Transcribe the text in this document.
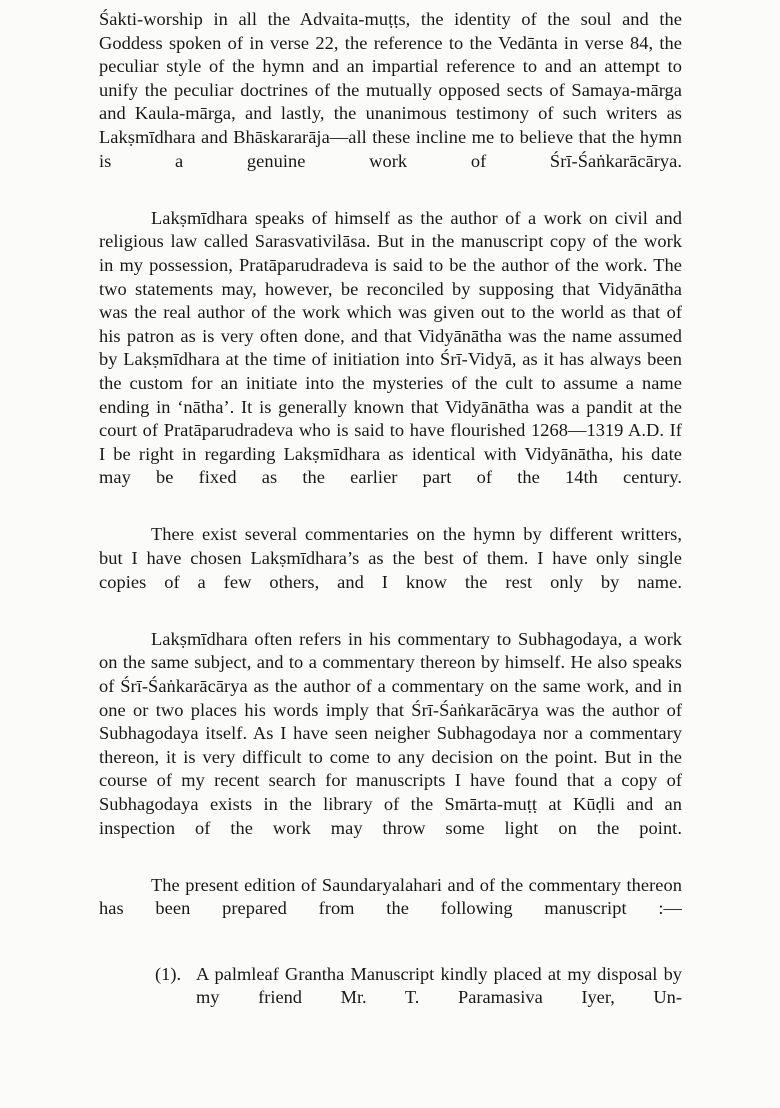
Śakti-worship in all the Advaita-muṭṭs, the identity of the soul and the Goddess spoken of in verse 22, the reference to the Vedānta in verse 84, the peculiar style of the hymn and an impartial reference to and an attempt to unify the peculiar doctrines of the mutually opposed sects of Samaya-mārga and Kaula-mārga, and lastly, the unanimous testimony of such writers as Lakṣmīdhara and Bhāskararāja—all these incline me to believe that the hymn is a genuine work of Śrī-Śaṅkarācārya.

Lakṣmīdhara speaks of himself as the author of a work on civil and religious law called Sarasvativilāsa. But in the manuscript copy of the work in my possession, Pratāparudradeva is said to be the author of the work. The two statements may, however, be reconciled by supposing that Vidyānātha was the real author of the work which was given out to the world as that of his patron as is very often done, and that Vidyānātha was the name assumed by Lakṣmīdhara at the time of initiation into Śrī-Vidyā, as it has always been the custom for an initiate into the mysteries of the cult to assume a name ending in ‘nātha’. It is generally known that Vidyānātha was a pandit at the court of Pratāparudradeva who is said to have flourished 1268—1319 A.D. If I be right in regarding Lakṣmīdhara as identical with Vidyānātha, his date may be fixed as the earlier part of the 14th century.

There exist several commentaries on the hymn by different writters, but I have chosen Lakṣmīdhara’s as the best of them. I have only single copies of a few others, and I know the rest only by name.

Lakṣmīdhara often refers in his commentary to Subhagodaya, a work on the same subject, and to a commentary thereon by himself. He also speaks of Śrī-Śaṅkarācārya as the author of a commentary on the same work, and in one or two places his words imply that Śrī-Śaṅkarācārya was the author of Subhagodaya itself. As I have seen neigher Subhagodaya nor a commentary thereon, it is very difficult to come to any decision on the point. But in the course of my recent search for manuscripts I have found that a copy of Subhagodaya exists in the library of the Smārta-muṭṭ at Kūḍli and an inspection of the work may throw some light on the point.

The present edition of Saundaryalahari and of the commentary thereon has been prepared from the following manuscript :—

(1). A palmleaf Grantha Manuscript kindly placed at my disposal by my friend Mr. T. Paramasiva Iyer, Un-
